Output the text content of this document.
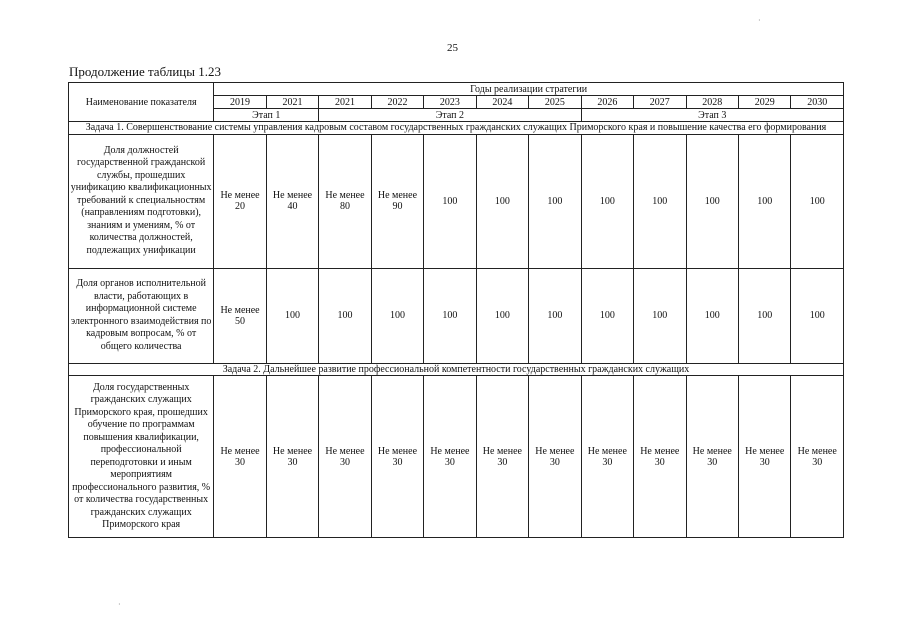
25
Продолжение таблицы 1.23
Наименование показателя	Годы реализации стратегии											
	2019	2021	2021	2022	2023	2024	2025	2026	2027	2028	2029	2030
	Этап 1		Этап 2					Этап 3				
Задача 1. Совершенствование системы управления кадровым составом государственных гражданских служащих Приморского края и повышение качества его формирования												
Доля должностей государственной гражданской службы, прошедших унификацию квалификационных требований к специальностям (направлениям подготовки), знаниям и умениям, % от количества должностей, подлежащих унификации	Не менее 20	Не менее 40	Не менее 80	Не менее 90	100	100	100	100	100	100	100	100
Доля органов исполнительной власти, работающих в информационной системе электронного взаимодействия по кадровым вопросам, % от общего количества	Не менее 50	100	100	100	100	100	100	100	100	100	100	100
Задача 2. Дальнейшее развитие профессиональной компетентности государственных гражданских служащих												
Доля государственных гражданских служащих Приморского края, прошедших обучение по программам повышения квалификации, профессиональной переподготовки и иным мероприятиям профессионального развития, % от количества государственных гражданских служащих Приморского края	Не менее 30	Не менее 30	Не менее 30	Не менее 30	Не менее 30	Не менее 30	Не менее 30	Не менее 30	Не менее 30	Не менее 30	Не менее 30	Не менее 30
·
·
